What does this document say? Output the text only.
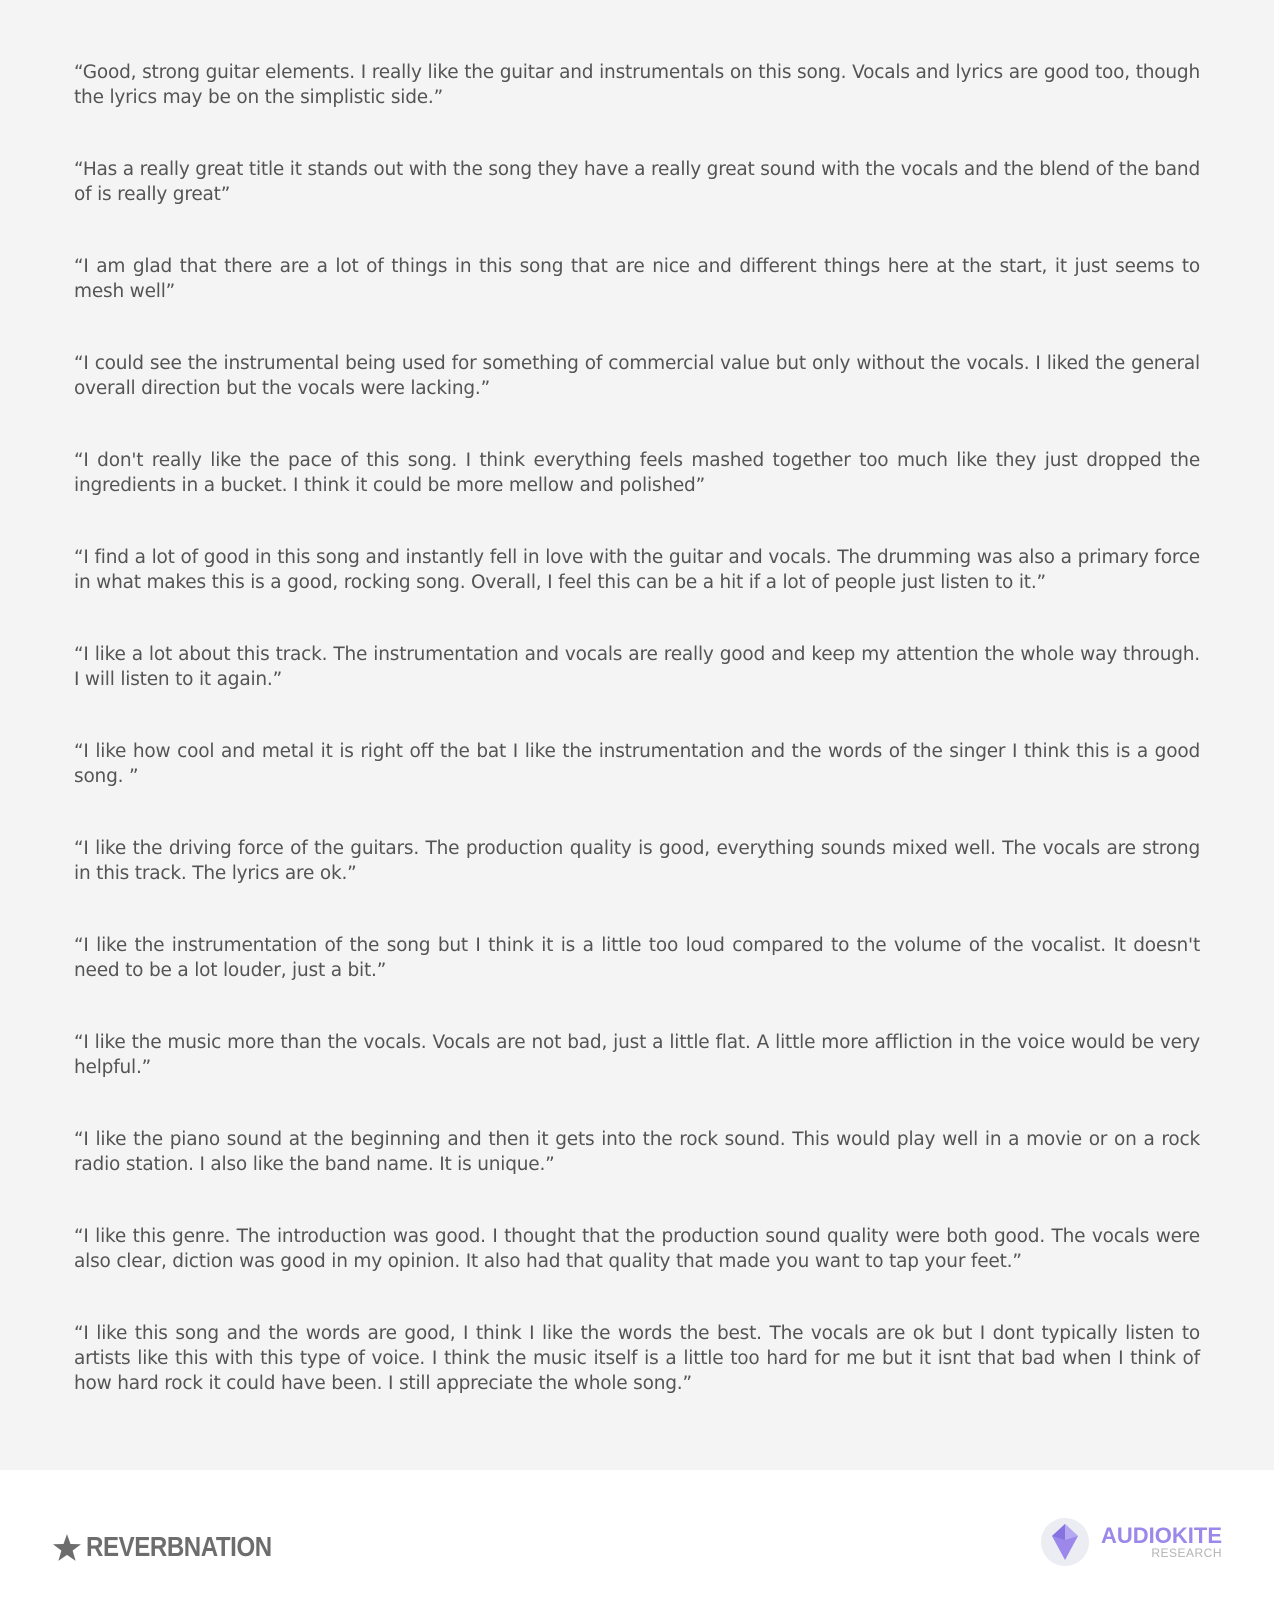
“Good, strong guitar elements. I really like the guitar and instrumentals on this song. Vocals and lyrics are good too, though the lyrics may be on the simplistic side.”
“Has a really great title it stands out with the song they have a really great sound with the vocals and the blend of the band of is really great”
“I am glad that there are a lot of things in this song that are nice and different things here at the start, it just seems to mesh well”
“I could see the instrumental being used for something of commercial value but only without the vocals. I liked the general overall direction but the vocals were lacking.”
“I don't really like the pace of this song. I think everything feels mashed together too much like they just dropped the ingredients in a bucket. I think it could be more mellow and polished”
“I find a lot of good in this song and instantly fell in love with the guitar and vocals. The drumming was also a primary force in what makes this is a good, rocking song. Overall, I feel this can be a hit if a lot of people just listen to it.”
“I like a lot about this track. The instrumentation and vocals are really good and keep my attention the whole way through. I will listen to it again.”
“I like how cool and metal it is right off the bat I like the instrumentation and the words of the singer I think this is a good song. ”
“I like the driving force of the guitars. The production quality is good, everything sounds mixed well. The vocals are strong in this track. The lyrics are ok.”
“I like the instrumentation of the song but I think it is a little too loud compared to the volume of the vocalist. It doesn't need to be a lot louder, just a bit.”
“I like the music more than the vocals. Vocals are not bad, just a little flat. A little more affliction in the voice would be very helpful.”
“I like the piano sound at the beginning and then it gets into the rock sound. This would play well in a movie or on a rock radio station. I also like the band name. It is unique.”
“I like this genre. The introduction was good. I thought that the production sound quality were both good. The vocals were also clear, diction was good in my opinion. It also had that quality that made you want to tap your feet.”
“I like this song and the words are good, I think I like the words the best. The vocals are ok but I dont typically listen to artists like this with this type of voice. I think the music itself is a little too hard for me but it isnt that bad when I think of how hard rock it could have been. I still appreciate the whole song.”
REVERBNATION	AUDIOKITE
RESEARCH
